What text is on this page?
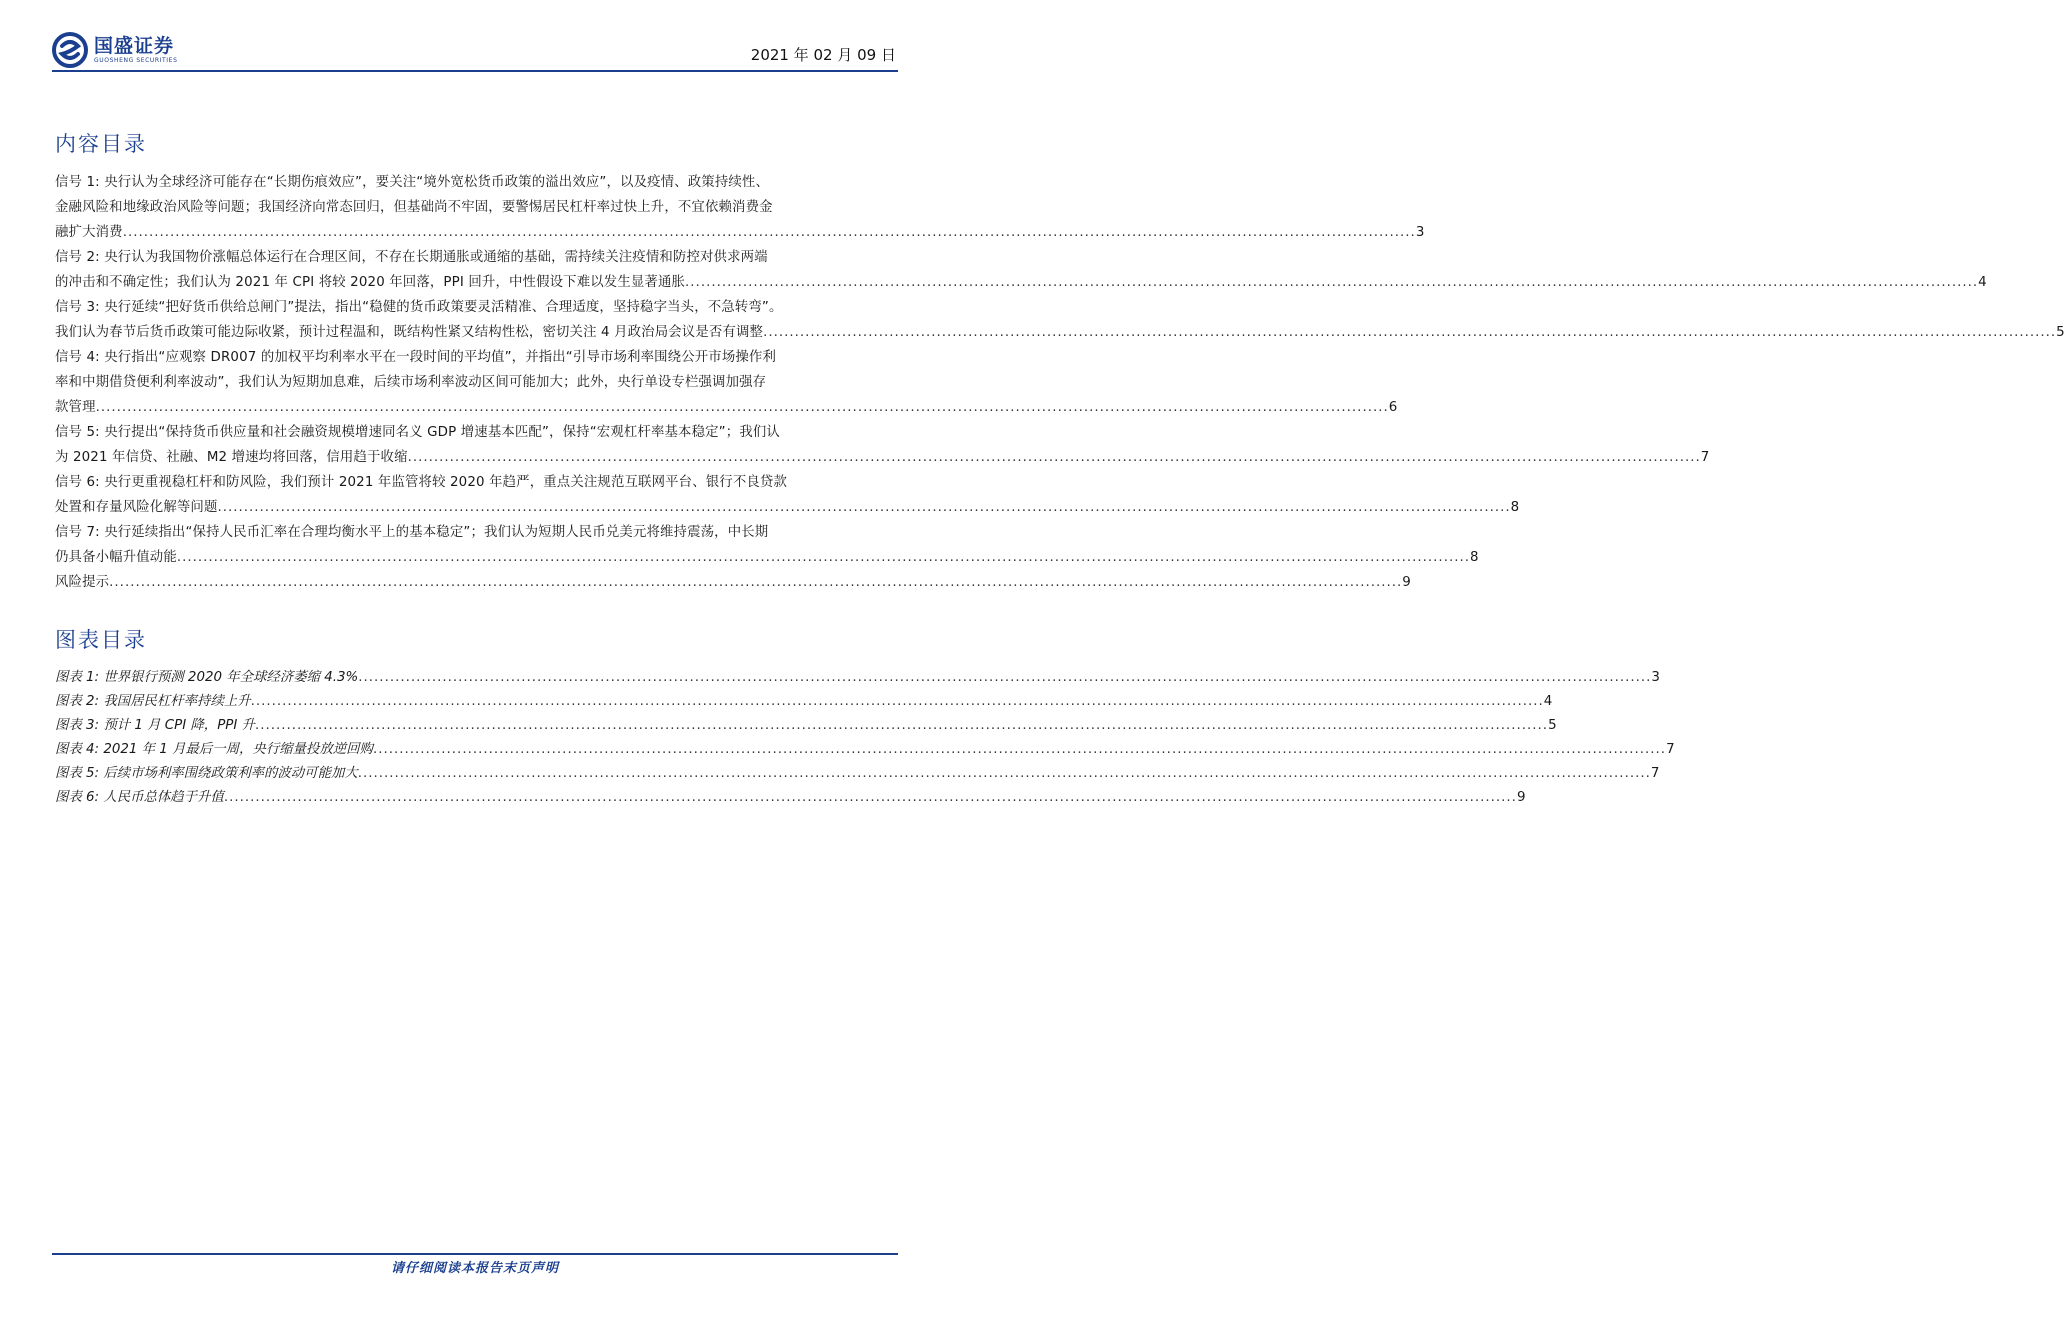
国盛证券
GUOSHENG SECURITIES	2021 年 02 月 09 日
内容目录
信号 1: 央行认为全球经济可能存在“长期伤痕效应”，要关注“境外宽松货币政策的溢出效应”，以及疫情、政策持续性、
金融风险和地缘政治风险等问题；我国经济向常态回归，但基础尚不牢固，要警惕居民杠杆率过快上升，不宜依赖消费金
融扩大消费 ...................................................................................................................................................................................................................................................... 3
信号 2: 央行认为我国物价涨幅总体运行在合理区间，不存在长期通胀或通缩的基础，需持续关注疫情和防控对供求两端
的冲击和不确定性；我们认为 2021 年 CPI 将较 2020 年回落，PPI 回升，中性假设下难以发生显著通胀 ...................................................................................................................................................................................................................................................... 4
信号 3: 央行延续“把好货币供给总闸门”提法，指出“稳健的货币政策要灵活精准、合理适度，坚持稳字当头，不急转弯”。
我们认为春节后货币政策可能边际收紧，预计过程温和，既结构性紧又结构性松，密切关注 4 月政治局会议是否有调整 ...................................................................................................................................................................................................................................................... 5
信号 4: 央行指出“应观察 DR007 的加权平均利率水平在一段时间的平均值”，并指出“引导市场利率围绕公开市场操作利
率和中期借贷便利利率波动”，我们认为短期加息难，后续市场利率波动区间可能加大；此外，央行单设专栏强调加强存
款管理 ...................................................................................................................................................................................................................................................... 6
信号 5: 央行提出“保持货币供应量和社会融资规模增速同名义 GDP 增速基本匹配”，保持“宏观杠杆率基本稳定”；我们认
为 2021 年信贷、社融、M2 增速均将回落，信用趋于收缩 ...................................................................................................................................................................................................................................................... 7
信号 6: 央行更重视稳杠杆和防风险，我们预计 2021 年监管将较 2020 年趋严，重点关注规范互联网平台、银行不良贷款
处置和存量风险化解等问题 ...................................................................................................................................................................................................................................................... 8
信号 7: 央行延续指出“保持人民币汇率在合理均衡水平上的基本稳定”；我们认为短期人民币兑美元将维持震荡，中长期
仍具备小幅升值动能 ...................................................................................................................................................................................................................................................... 8
风险提示 ...................................................................................................................................................................................................................................................... 9
图表目录
图表 1: 世界银行预测 2020 年全球经济萎缩 4.3% ...................................................................................................................................................................................................................................................... 3
图表 2: 我国居民杠杆率持续上升 ...................................................................................................................................................................................................................................................... 4
图表 3: 预计 1 月 CPI 降，PPI 升 ...................................................................................................................................................................................................................................................... 5
图表 4: 2021 年 1 月最后一周，央行缩量投放逆回购 ...................................................................................................................................................................................................................................................... 7
图表 5: 后续市场利率围绕政策利率的波动可能加大 ...................................................................................................................................................................................................................................................... 7
图表 6: 人民币总体趋于升值 ...................................................................................................................................................................................................................................................... 9
请仔细阅读本报告末页声明
